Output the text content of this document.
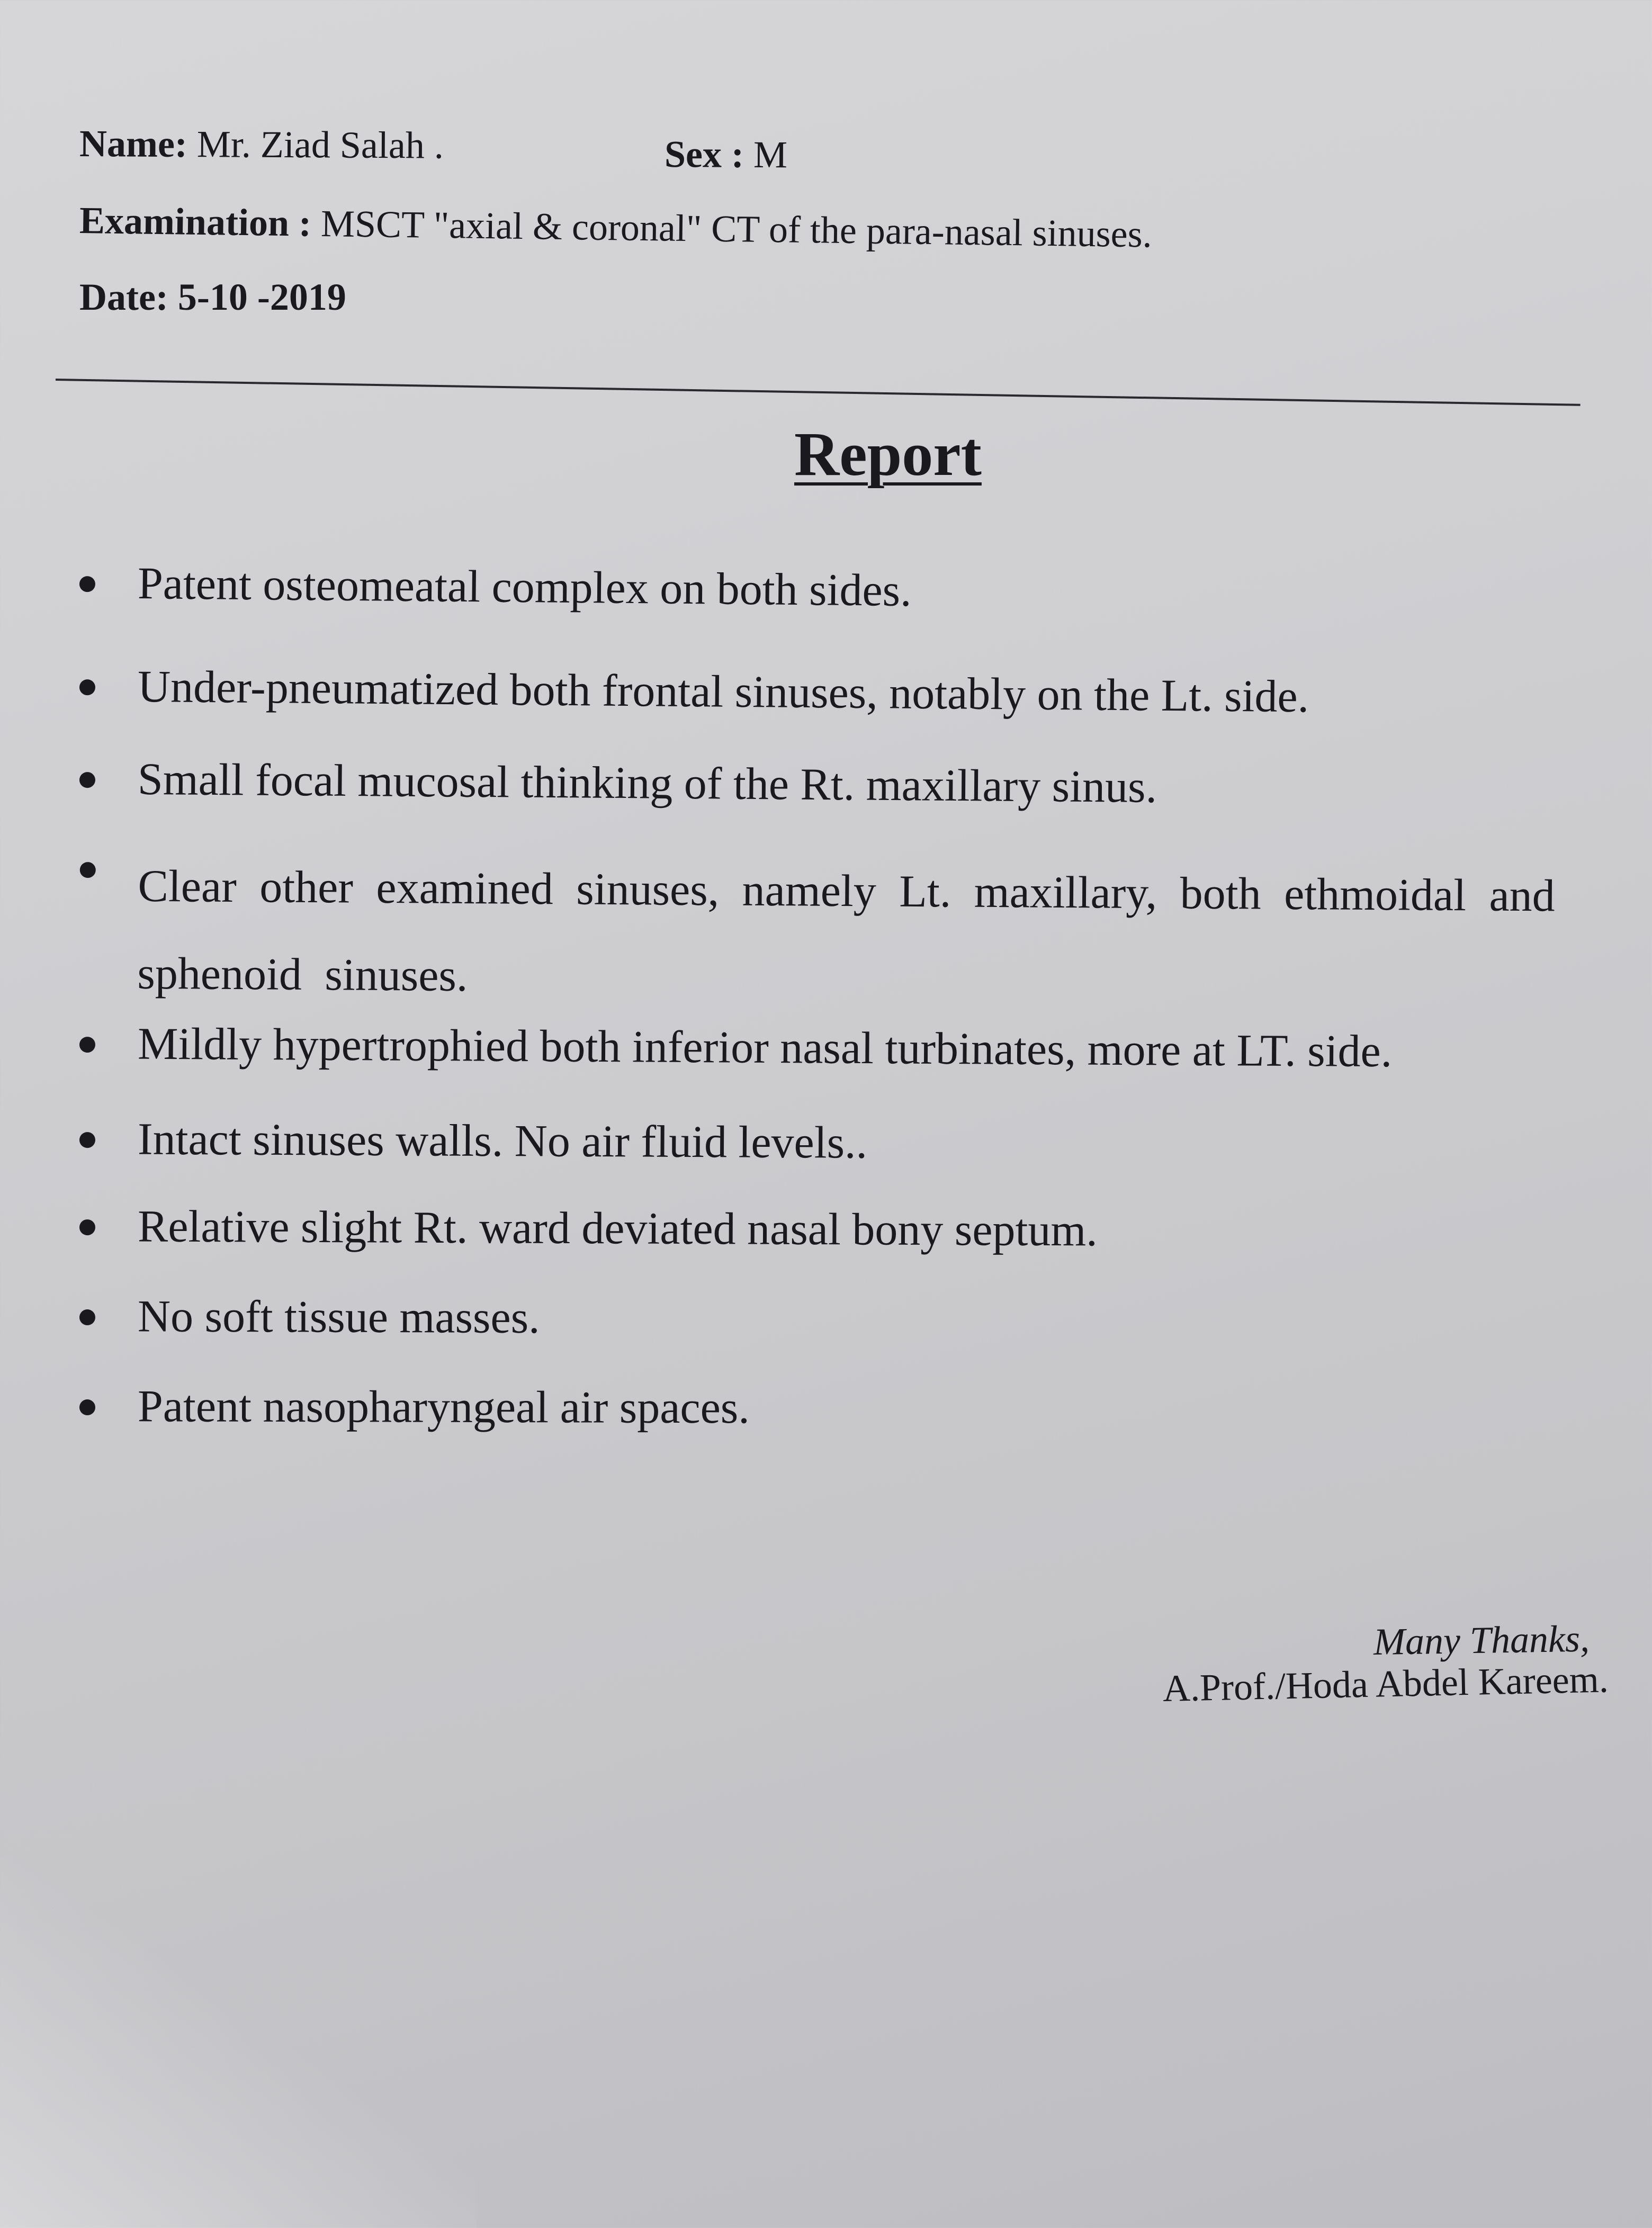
Name: Mr. Ziad Salah .	Sex : M
Examination : MSCT "axial & coronal" CT of the para-nasal sinuses.
Date: 5-10 -2019
Report
Patent osteomeatal complex on both sides.
Under-pneumatized both frontal sinuses, notably on the Lt. side.
Small focal mucosal thinking of the Rt. maxillary sinus.
Clear other examined sinuses, namely Lt. maxillary, both ethmoidal and sphenoid sinuses.
Mildly hypertrophied both inferior nasal turbinates, more at LT. side.
Intact sinuses walls. No air fluid levels..
Relative slight Rt. ward deviated nasal bony septum.
No soft tissue masses.
Patent nasopharyngeal air spaces.
Many Thanks,
A.Prof./Hoda Abdel Kareem.
